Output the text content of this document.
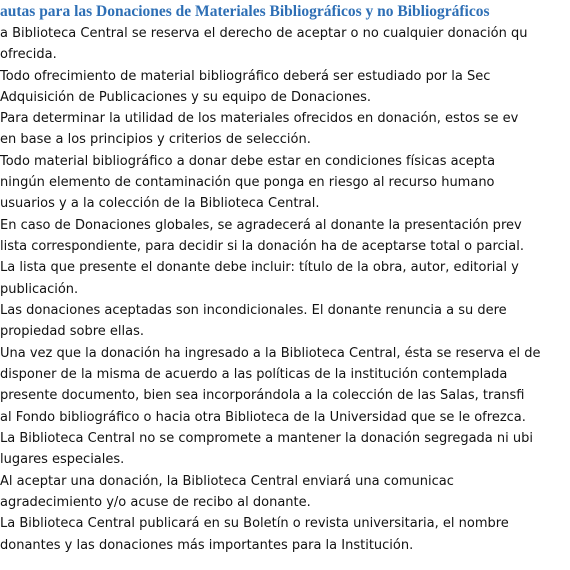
autas para las Donaciones de Materiales Bibliográficos y no Bibliográficos
a Biblioteca Central se reserva el derecho de aceptar o no cualquier donación qu
ofrecida.
Todo ofrecimiento de material bibliográfico deberá ser estudiado por la Sec
Adquisición de Publicaciones y su equipo de Donaciones.
Para determinar la utilidad de los materiales ofrecidos en donación, estos se ev
en base a los principios y criterios de selección.
Todo material bibliográfico a donar debe estar en condiciones físicas acepta
ningún elemento de contaminación que ponga en riesgo al recurso humano
usuarios y a la colección de la Biblioteca Central.
En caso de Donaciones globales, se agradecerá al donante la presentación prev
lista correspondiente, para decidir si la donación ha de aceptarse total o parcial.
La lista que presente el donante debe incluir: título de la obra, autor, editorial y
publicación.
Las donaciones aceptadas son incondicionales. El donante renuncia a su dere
propiedad sobre ellas.
Una vez que la donación ha ingresado a la Biblioteca Central, ésta se reserva el de
disponer de la misma de acuerdo a las políticas de la institución contemplada
presente documento, bien sea incorporándola a la colección de las Salas, transfi
al Fondo bibliográfico o hacia otra Biblioteca de la Universidad que se le ofrezca.
La Biblioteca Central no se compromete a mantener la donación segregada ni ubi
lugares especiales.
Al aceptar una donación, la Biblioteca Central enviará una comunicac
agradecimiento y/o acuse de recibo al donante.
La Biblioteca Central publicará en su Boletín o revista universitaria, el nombre
donantes y las donaciones más importantes para la Institución.
